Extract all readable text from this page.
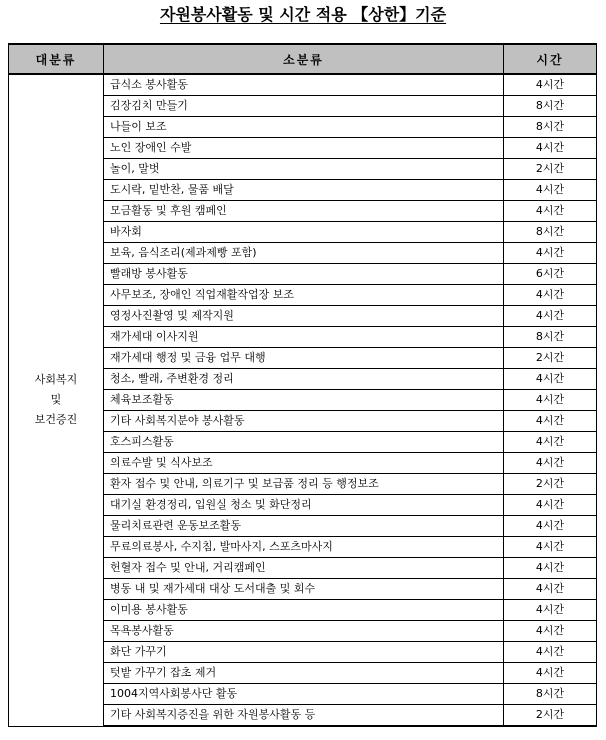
자원봉사활동 및 시간 적용 【상한】기준
대분류	소분류	시간

사회복지
및
보건증진	급식소 봉사활동	4시간
	김장김치 만들기	8시간
	나들이 보조	8시간
	노인 장애인 수발	4시간
	놀이, 말벗	2시간
	도시락, 밑반찬, 물품 배달	4시간
	모금활동 및 후원 캠페인	4시간
	바자회	8시간
	보육, 음식조리(제과제빵 포함)	4시간
	빨래방 봉사활동	6시간
	사무보조, 장애인 직업재활작업장 보조	4시간
	영정사진촬영 및 제작지원	4시간
	재가세대 이사지원	8시간
	재가세대 행정 및 금융 업무 대행	2시간
	청소, 빨래, 주변환경 정리	4시간
	체육보조활동	4시간
	기타 사회복지분야 봉사활동	4시간
	호스피스활동	4시간
	의료수발 및 식사보조	4시간
	환자 접수 및 안내, 의료기구 및 보급품 정리 등 행정보조	2시간
	대기실 환경정리, 입원실 청소 및 화단정리	4시간
	물리치료관련 운동보조활동	4시간
	무료의료봉사, 수지침, 발마사지, 스포츠마사지	4시간
	헌혈자 접수 및 안내, 거리캠페인	4시간
	병동 내 및 재가세대 대상 도서대출 및 회수	4시간
	이미용 봉사활동	4시간
	목욕봉사활동	4시간
	화단 가꾸기	4시간
	텃밭 가꾸기 잡초 제거	4시간
	1004지역사회봉사단 활동	8시간
	기타 사회복지증진을 위한 자원봉사활동 등	2시간
